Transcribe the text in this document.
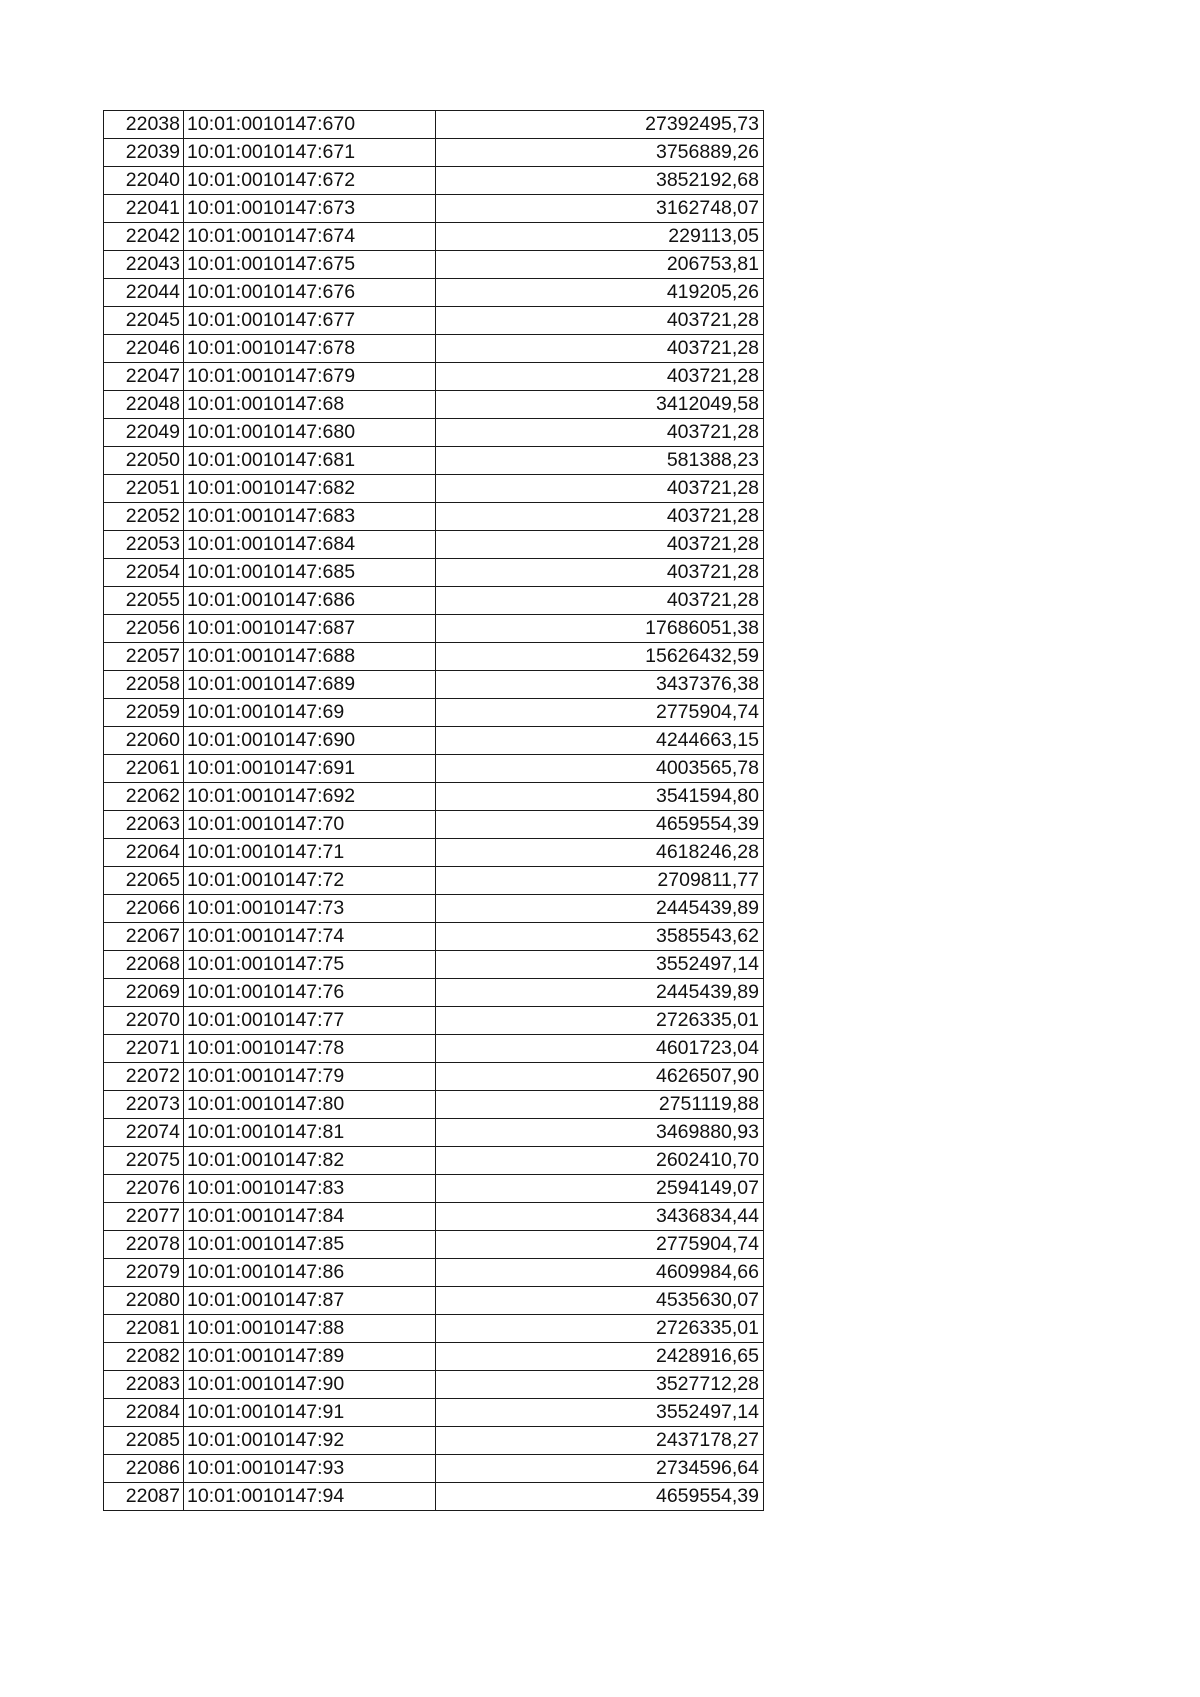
22038	10:01:0010147:670	27392495,73
22039	10:01:0010147:671	3756889,26
22040	10:01:0010147:672	3852192,68
22041	10:01:0010147:673	3162748,07
22042	10:01:0010147:674	229113,05
22043	10:01:0010147:675	206753,81
22044	10:01:0010147:676	419205,26
22045	10:01:0010147:677	403721,28
22046	10:01:0010147:678	403721,28
22047	10:01:0010147:679	403721,28
22048	10:01:0010147:68	3412049,58
22049	10:01:0010147:680	403721,28
22050	10:01:0010147:681	581388,23
22051	10:01:0010147:682	403721,28
22052	10:01:0010147:683	403721,28
22053	10:01:0010147:684	403721,28
22054	10:01:0010147:685	403721,28
22055	10:01:0010147:686	403721,28
22056	10:01:0010147:687	17686051,38
22057	10:01:0010147:688	15626432,59
22058	10:01:0010147:689	3437376,38
22059	10:01:0010147:69	2775904,74
22060	10:01:0010147:690	4244663,15
22061	10:01:0010147:691	4003565,78
22062	10:01:0010147:692	3541594,80
22063	10:01:0010147:70	4659554,39
22064	10:01:0010147:71	4618246,28
22065	10:01:0010147:72	2709811,77
22066	10:01:0010147:73	2445439,89
22067	10:01:0010147:74	3585543,62
22068	10:01:0010147:75	3552497,14
22069	10:01:0010147:76	2445439,89
22070	10:01:0010147:77	2726335,01
22071	10:01:0010147:78	4601723,04
22072	10:01:0010147:79	4626507,90
22073	10:01:0010147:80	2751119,88
22074	10:01:0010147:81	3469880,93
22075	10:01:0010147:82	2602410,70
22076	10:01:0010147:83	2594149,07
22077	10:01:0010147:84	3436834,44
22078	10:01:0010147:85	2775904,74
22079	10:01:0010147:86	4609984,66
22080	10:01:0010147:87	4535630,07
22081	10:01:0010147:88	2726335,01
22082	10:01:0010147:89	2428916,65
22083	10:01:0010147:90	3527712,28
22084	10:01:0010147:91	3552497,14
22085	10:01:0010147:92	2437178,27
22086	10:01:0010147:93	2734596,64
22087	10:01:0010147:94	4659554,39
